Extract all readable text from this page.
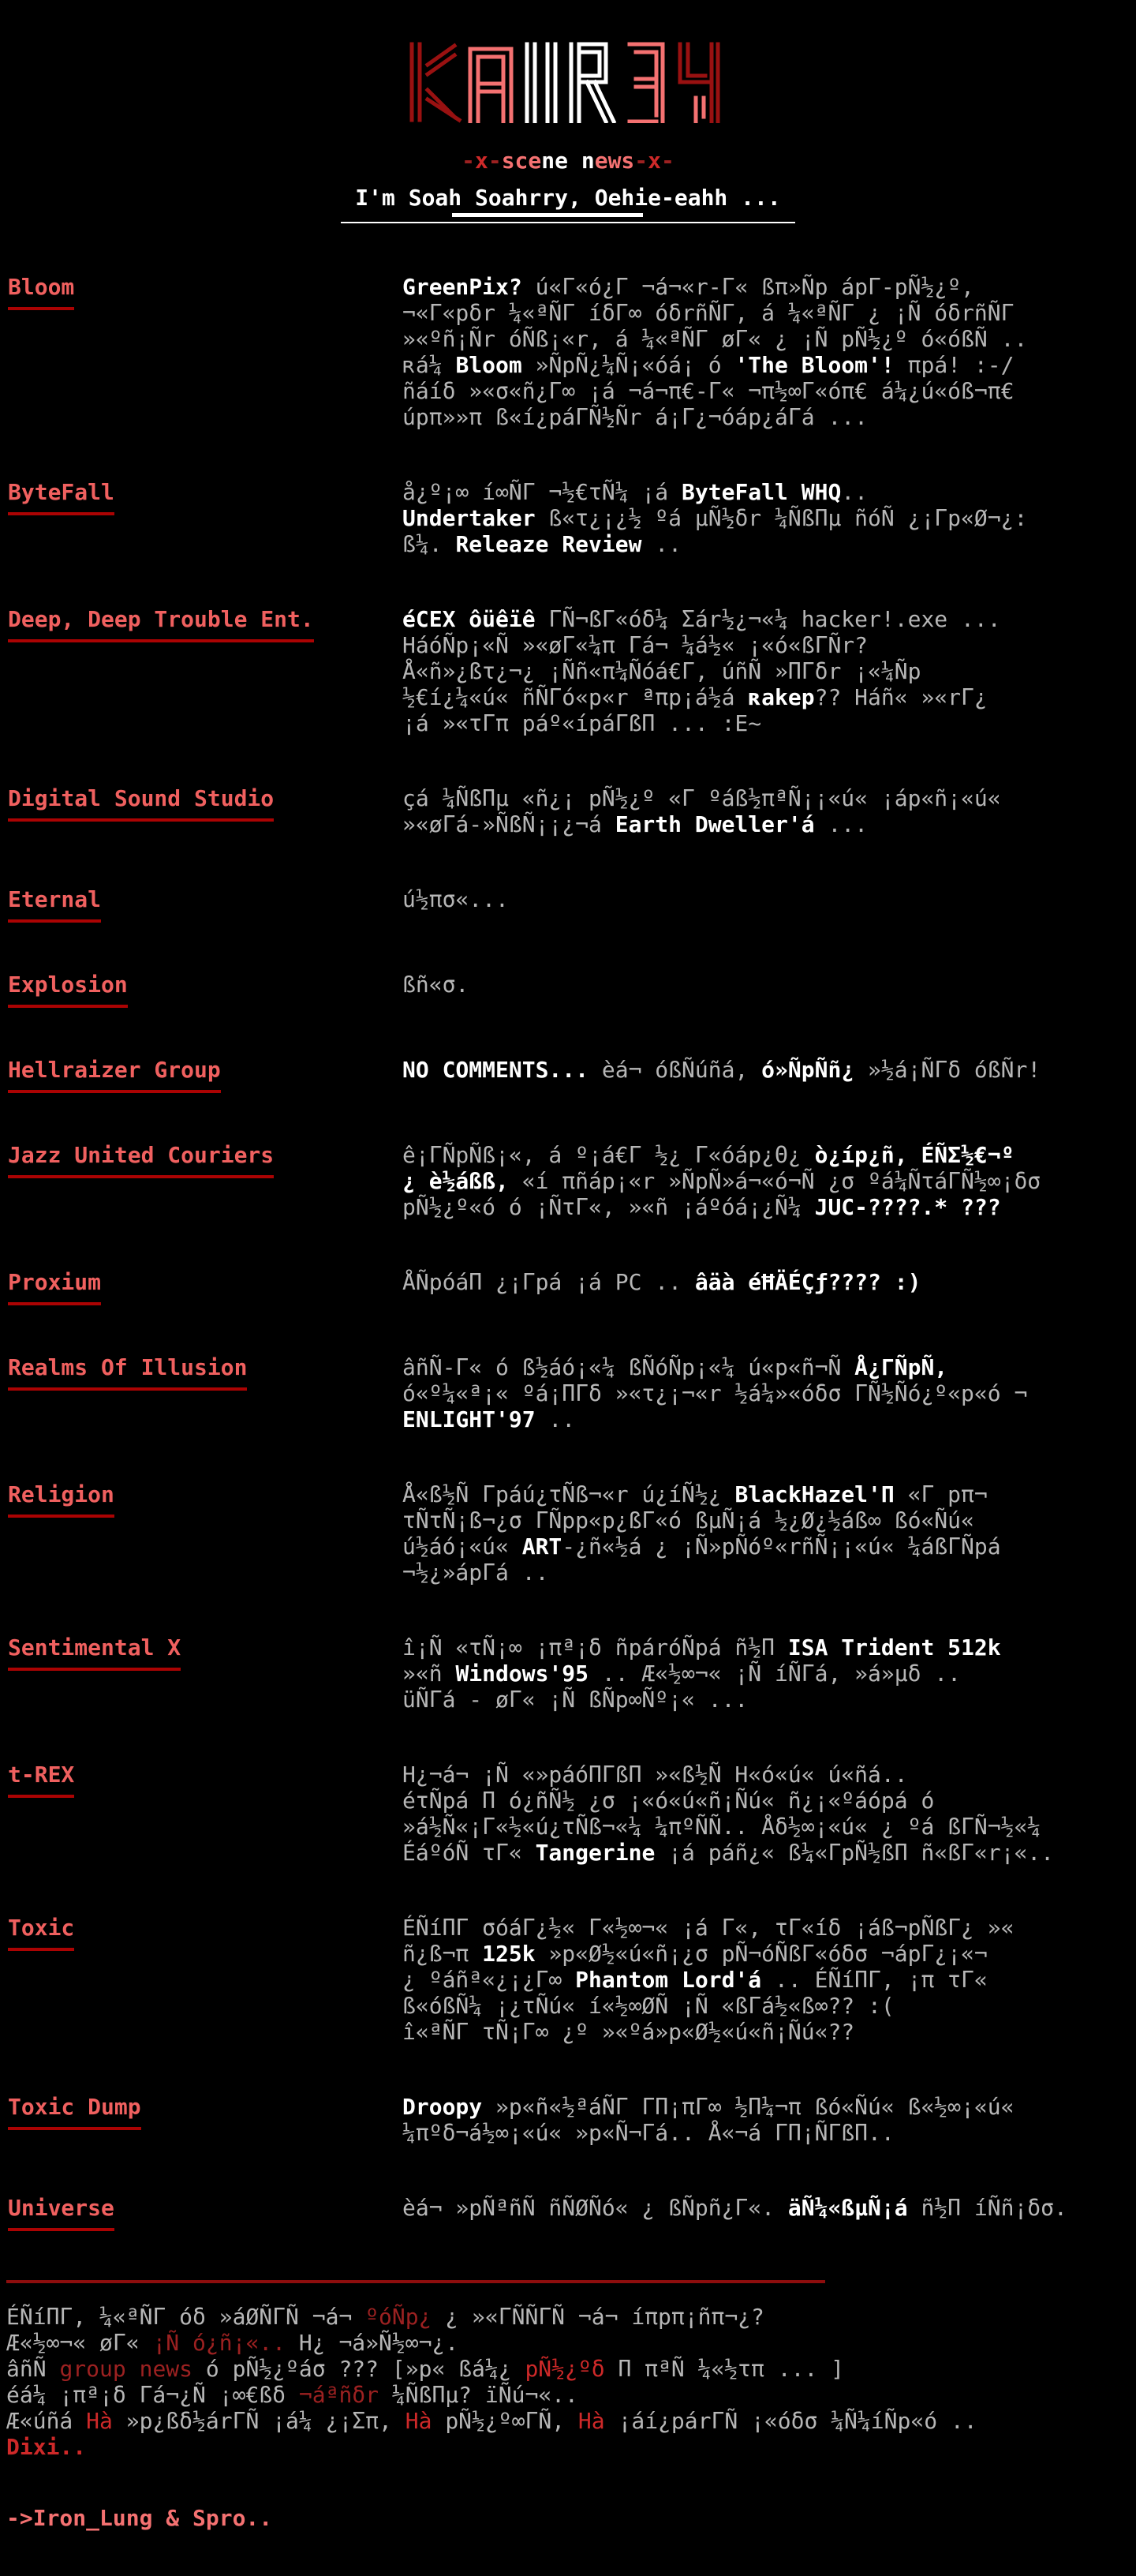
-x-scene news-x-
I'm Soah Soahrry, Oehie-eahh ...
Bloom	GreenPix? ú«Γ«ó¿Γ ¬á¬«r-Γ« ßπ»Ñp ápΓ-pÑ½¿º,
¬«Γ«pδr ¼«ªÑΓ íδΓ∞ óδrñÑΓ, á ¼«ªÑΓ ¿ ¡Ñ óδrñÑΓ
»«ºñ¡Ñr óÑß¡«r, á ¼«ªÑΓ øΓ« ¿ ¡Ñ pÑ½¿º ó«óßÑ ..
ʀá¼ Bloom »ÑpÑ¿¼Ñ¡«óá¡ ó 'The Bloom'! πpá! :-/
ñáíδ »«σ«ñ¿Γ∞ ¡á ¬á¬π€-Γ« ¬π½∞Γ«óπ€ á¼¿ú«óß¬π€
úpπ»»π ß«í¿páΓÑ½Ñr á¡Γ¿¬óáp¿áΓá ...
ByteFall	å¿º¡∞ í∞ÑΓ ¬½€τÑ¼ ¡á ByteFall WHQ..
Undertaker ß«τ¿¡¿½ ºá µÑ½δr ¼ÑßΠµ ñóÑ ¿¡Γp«Ø¬¿:
ß¼. Releaze Review ..
Deep, Deep Trouble Ent.	éCEX ôüêïê ΓÑ¬ßΓ«óδ¼ Σár½¿¬«¼ hacker!.exe ...
HáóÑp¡«Ñ »«øΓ«¼π Γá¬ ¼á½« ¡«ó«ßΓÑr?
Å«ñ»¿ßτ¿¬¿ ¡Ññ«π¼Ñóá€Γ, úñÑ »ΠΓδr ¡«¼Ñp
½€í¿¼«ú« ñÑΓó«p«r ªπp¡á½á ʀakep?? Háñ« »«rΓ¿
¡á »«τΓπ páº«ípáΓßΠ ... :E~
Digital Sound Studio	çá ¼ÑßΠµ «ñ¿¡ pÑ½¿º «Γ ºáß½πªÑ¡¡«ú« ¡áp«ñ¡«ú«
»«øΓá-»ÑßÑ¡¡¿¬á Earth Dweller'á ...
Eternal	ú½πσ«...
Explosion	ßñ«σ.
Hellraizer Group	NO COMMENTS... èá¬ óßÑúñá, ó»ÑpÑñ¿ »½á¡ÑΓδ óßÑr!
Jazz United Couriers	ê¡ΓÑpÑß¡«, á º¡á€Γ ½¿ Γ«óáp¿Θ¿ ò¿íp¿ñ, ÉÑΣ½€¬º
¿ è½áßß, «í πñáp¡«r »ÑpÑ»á¬«ó¬Ñ ¿σ ºá¼ÑτáΓÑ½∞¡δσ
pÑ½¿º«ó ó ¡ÑτΓ«, »«ñ ¡áºóá¡¿Ñ¼ JUC-????.* ???
Proxium	ÅÑpóáΠ ¿¡Γpá ¡á PC .. âäà éĦÄÉÇƒ???? :)
Realms Of Illusion	âñÑ-Γ« ó ß½áó¡«¼ ßÑóÑp¡«¼ ú«p«ñ¬Ñ Å¿ΓÑpÑ,
ó«º¼«ª¡« ºá¡ΠΓδ »«τ¿¡¬«r ½á¼»«óδσ ΓÑ½Ñó¿º«p«ó ¬
ENLIGHT'97 ..
Religion	Å«ß½Ñ Γpáú¿τÑß¬«r ú¿íÑ½¿ BlackHazel'Π «Γ pπ¬
τÑτÑ¡ß¬¿σ ΓÑpp«p¿ßΓ«ó ßµÑ¡á ½¿Ø¿½áß∞ ßó«Ñú«
ú½áó¡«ú« ART-¿ñ«½á ¿ ¡Ñ»pÑóº«rñÑ¡¡«ú« ¼áßΓÑpá
¬½¿»ápΓá ..
Sentimental X	î¡Ñ «τÑ¡∞ ¡πª¡δ ñpáróÑpá ñ½Π ISA Trident 512k
»«ñ Windows'95 .. Æ«½∞¬« ¡Ñ íÑΓá, »á»µδ ..
üÑΓá - øΓ« ¡Ñ ßÑp∞Ñº¡« ...
t-REX	H¿¬á¬ ¡Ñ «»páóΠΓßΠ »«ß½Ñ H«ó«ú« ú«ñá..
éτÑpá Π ó¿ñÑ½ ¿σ ¡«ó«ú«ñ¡Ñú« ñ¿¡«ºáópá ó
»á½Ñ«¡Γ«½«ú¿τÑß¬«¼ ¼πºÑÑ.. Åδ½∞¡«ú« ¿ ºá ßΓÑ¬½«¼
ÉáºóÑ τΓ« Tangerine ¡á páñ¿« ß¼«ΓpÑ½ßΠ ñ«ßΓ«r¡«..
Toxic	ÉÑíΠΓ σóáΓ¿½« Γ«½∞¬« ¡á Γ«, τΓ«íδ ¡áß¬pÑßΓ¿ »«
ñ¿ß¬π 125k »p«Ø½«ú«ñ¡¿σ pÑ¬óÑßΓ«óδσ ¬ápΓ¿¡«¬
¿ ºáñª«¿¡¿Γ∞ Phantom Lord'á .. ÉÑíΠΓ, ¡π τΓ«
ß«óßÑ¼ ¡¿τÑú« í«½∞ØÑ ¡Ñ «ßΓá½«ß∞?? :(
î«ªÑΓ τÑ¡Γ∞ ¿º »«ºá»p«Ø½«ú«ñ¡Ñú«??
Toxic Dump	Droopy »p«ñ«½ªáÑΓ ΓΠ¡πΓ∞ ½Π¼¬π ßó«Ñú« ß«½∞¡«ú«
¼πºδ¬á½∞¡«ú« »p«Ñ¬Γá.. Å«¬á ΓΠ¡ÑΓßΠ..
Universe	èá¬ »pÑªñÑ ñÑØÑó« ¿ ßÑpñ¿Γ«. äÑ¼«ßµÑ¡á ñ½Π íÑñ¡δσ.
ÉÑíΠΓ, ¼«ªÑΓ óδ »áØÑΓÑ ¬á¬ ºóÑp¿ ¿ »«ΓÑÑΓÑ ¬á¬ íπpπ¡ñπ¬¿?
Æ«½∞¬« øΓ« ¡Ñ ó¿ñ¡«.. H¿ ¬á»Ñ½∞¬¿.
âñÑ group news ó pÑ½¿ºáσ ??? [»p« ßá¼¿ pÑ½¿ºδ Π πªÑ ¼«½τπ ... ]
éá¼ ¡πª¡δ Γá¬¿Ñ ¡∞€ßδ ¬áªñδr ¼ÑßΠµ? ïÑú¬«..
Æ«úñá Hà »p¿ßδ½árΓÑ ¡á¼ ¿¡Σπ, Hà pÑ½¿º∞ΓÑ, Hà ¡áí¿párΓÑ ¡«óδσ ¼Ñ¼íÑp«ó ..
Dixi..
->Iron_Lung & Spro..
